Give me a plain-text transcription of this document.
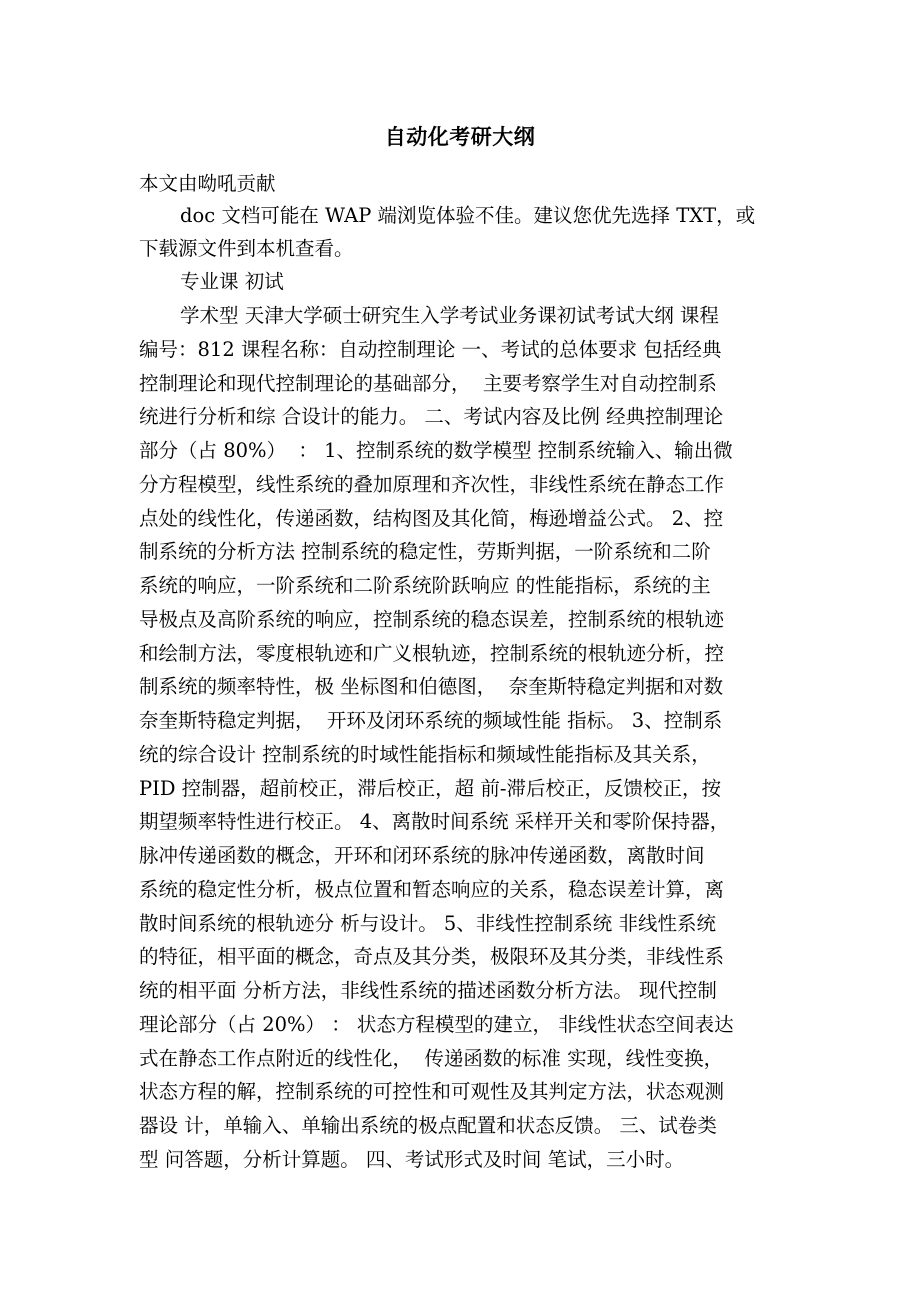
自动化考研大纲
本文由呦吼贡献
doc 文档可能在 WAP 端浏览体验不佳。建议您优先选择 TXT，或
下载源文件到本机查看。
专业课 初试
学术型 天津大学硕士研究生入学考试业务课初试考试大纲 课程
编号：812 课程名称：自动控制理论 一、考试的总体要求 包括经典
控制理论和现代控制理论的基础部分，  主要考察学生对自动控制系
统进行分析和综 合设计的能力。 二、考试内容及比例 经典控制理论
部分（占 80%）  ： 1、控制系统的数学模型 控制系统输入、输出微
分方程模型，线性系统的叠加原理和齐次性，非线性系统在静态工作
点处的线性化，传递函数，结构图及其化简，梅逊增益公式。 2、控
制系统的分析方法 控制系统的稳定性，劳斯判据，一阶系统和二阶
系统的响应，一阶系统和二阶系统阶跃响应 的性能指标，系统的主
导极点及高阶系统的响应，控制系统的稳态误差，控制系统的根轨迹
和绘制方法，零度根轨迹和广义根轨迹，控制系统的根轨迹分析，控
制系统的频率特性，极 坐标图和伯德图，  奈奎斯特稳定判据和对数
奈奎斯特稳定判据，  开环及闭环系统的频域性能 指标。 3、控制系
统的综合设计 控制系统的时域性能指标和频域性能指标及其关系，
PID 控制器，超前校正，滞后校正，超 前-滞后校正，反馈校正，按
期望频率特性进行校正。 4、离散时间系统 采样开关和零阶保持器，
脉冲传递函数的概念，开环和闭环系统的脉冲传递函数，离散时间
系统的稳定性分析，极点位置和暂态响应的关系，稳态误差计算，离
散时间系统的根轨迹分 析与设计。 5、非线性控制系统 非线性系统
的特征，相平面的概念，奇点及其分类，极限环及其分类，非线性系
统的相平面 分析方法，非线性系统的描述函数分析方法。 现代控制
理论部分（占 20%） ： 状态方程模型的建立， 非线性状态空间表达
式在静态工作点附近的线性化，  传递函数的标准 实现，线性变换，
状态方程的解，控制系统的可控性和可观性及其判定方法，状态观测
器设 计，单输入、单输出系统的极点配置和状态反馈。 三、试卷类
型 问答题，分析计算题。 四、考试形式及时间 笔试，三小时。
